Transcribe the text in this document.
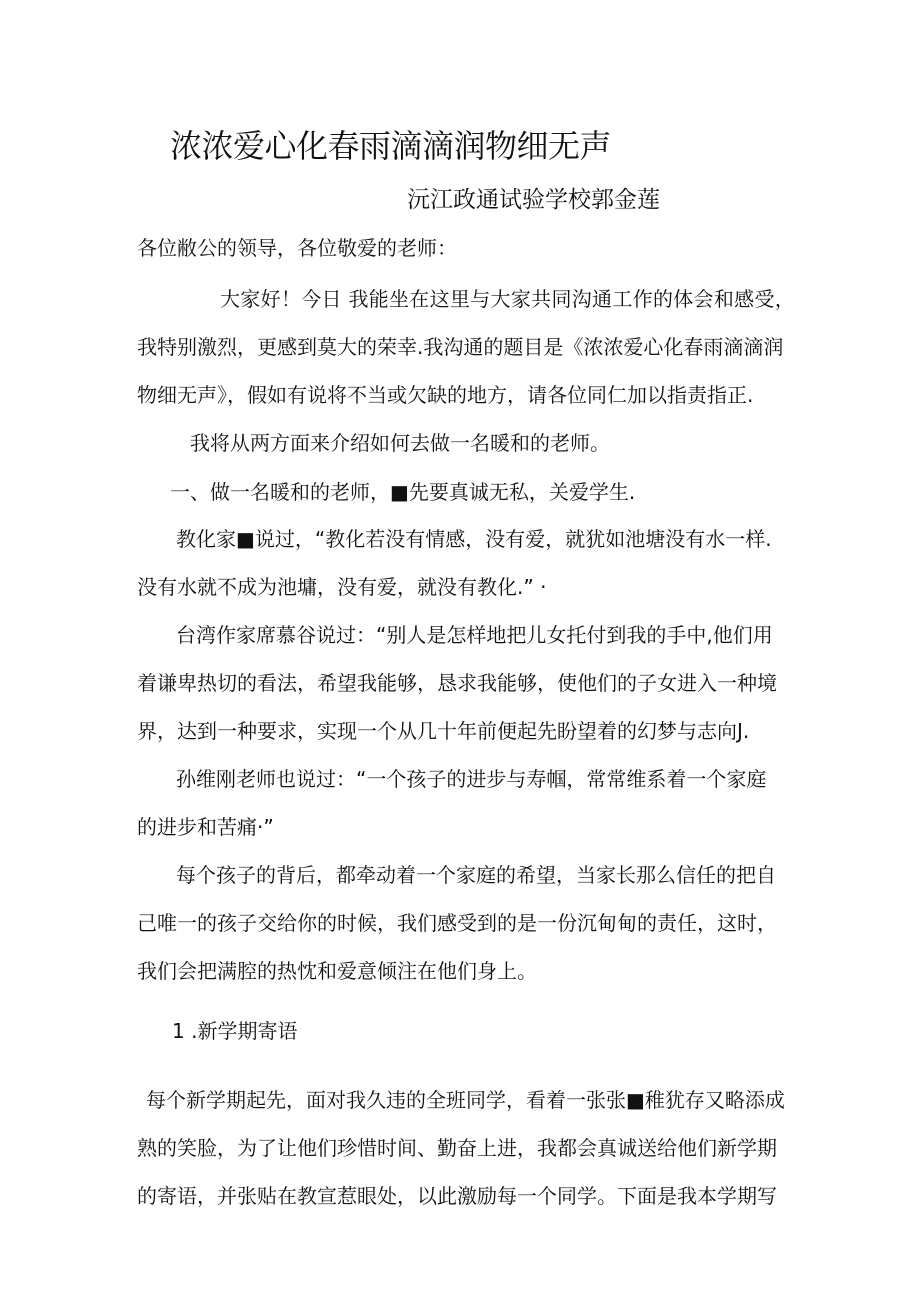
浓浓爱心化春雨滴滴润物细无声
沅江政通试验学校郭金莲
各位敝公的领导，各位敬爱的老师：
大家好！今日 我能坐在这里与大家共同沟通工作的体会和感受，
我特别激烈，更感到莫大的荣幸.我沟通的题目是《浓浓爱心化春雨滴滴润
物细无声》，假如有说将不当或欠缺的地方，请各位同仁加以指责指正.
我将从两方面来介绍如何去做一名暖和的老师。
一、做一名暖和的老师，■先要真诚无私，关爱学生.
教化家■说过，“教化若没有情感，没有爱，就犹如池塘没有水一样.
没有水就不成为池墉，没有爱，就没有教化.” ·
台湾作家席慕谷说过：“别人是怎样地把儿女托付到我的手中,他们用
着谦卑热切的看法，希望我能够，恳求我能够，使他们的子女进入一种境
界，达到一种要求，实现一个从几十年前便起先盼望着的幻梦与志向J.
孙维刚老师也说过：“一个孩子的进步与寿帼，常常维系着一个家庭
的进步和苦痛·”
每个孩子的背后，都牵动着一个家庭的希望，当家长那么信任的把自
己唯一的孩子交给你的时候，我们感受到的是一份沉甸甸的责任，这时，
我们会把满腔的热忱和爱意倾注在他们身上。
1 .新学期寄语
每个新学期起先，面对我久违的全班同学，看着一张张■稚犹存又略添成
熟的笑脸，为了让他们珍惜时间、勤奋上进，我都会真诚送给他们新学期
的寄语，并张贴在教宣惹眼处，以此激励每一个同学。下面是我本学期写
